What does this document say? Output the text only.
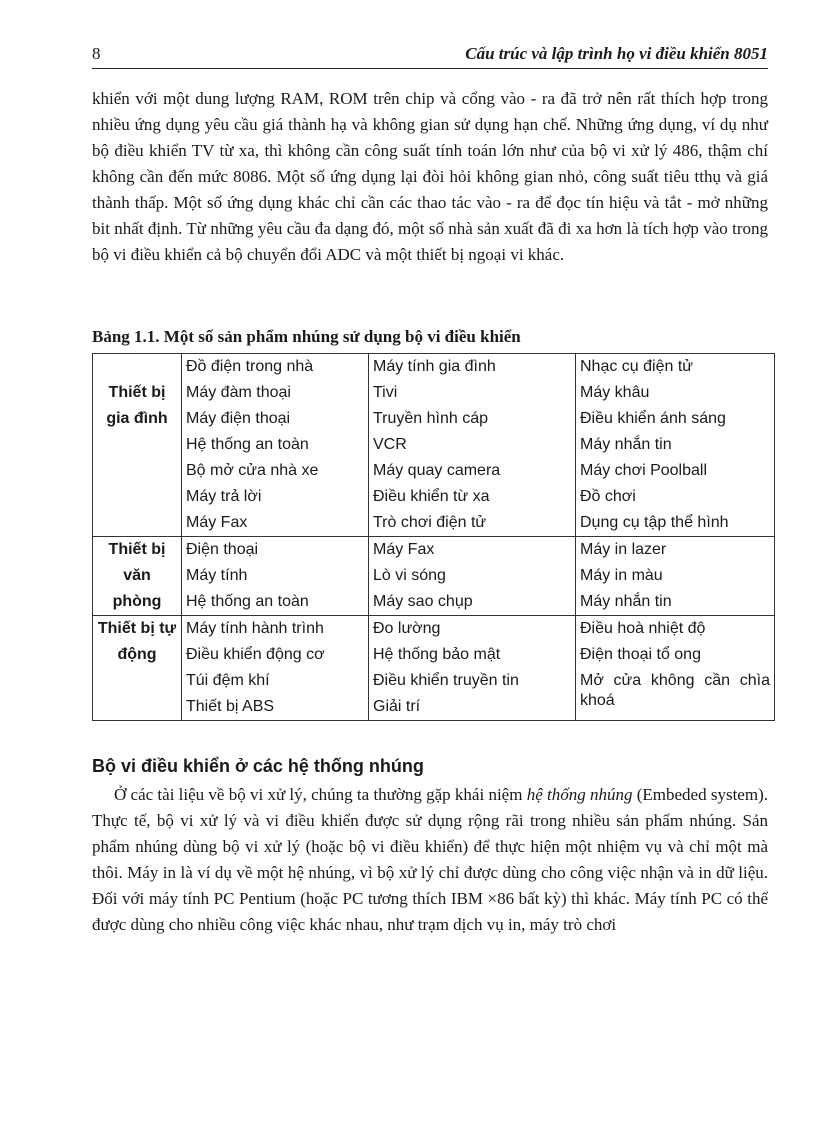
8	Cấu trúc và lập trình họ vi điều khiển 8051

khiển với một dung lượng RAM, ROM trên chip và cổng vào - ra đã trở nên rất thích hợp trong nhiều ứng dụng yêu cầu giá thành hạ và không gian sử dụng hạn chế. Những ứng dụng, ví dụ như bộ điều khiển TV từ xa, thì không cần công suất tính toán lớn như của bộ vi xử lý 486, thậm chí không cần đến mức 8086. Một số ứng dụng lại đòi hỏi không gian nhỏ, công suất tiêu tthụ và giá thành thấp. Một số ứng dụng khác chỉ cần các thao tác vào - ra để đọc tín hiệu và tắt - mở những bit nhất định. Từ những yêu cầu đa dạng đó, một số nhà sản xuất đã đi xa hơn là tích hợp vào trong bộ vi điều khiển cả bộ chuyển đổi ADC và một thiết bị ngoại vi khác.

Bảng 1.1. Một số sản phẩm nhúng sử dụng bộ vi điều khiển
Thiết bị gia đình	Đồ điện trong nhà	Máy tính gia đình	Nhạc cụ điện tử
	Máy đàm thoại	Tivi	Máy khâu
	Máy điện thoại	Truyền hình cáp	Điều khiển ánh sáng
	Hệ thống an toàn	VCR	Máy nhắn tin
	Bộ mở cửa nhà xe	Máy quay camera	Máy chơi Poolball
	Máy trả lời	Điều khiển từ xa	Đồ chơi
	Máy Fax	Trò chơi điện tử	Dụng cụ tập thể hình
Thiết bị văn phòng	Điện thoại	Máy Fax	Máy in lazer
	Máy tính	Lò vi sóng	Máy in màu
	Hệ thống an toàn	Máy sao chụp	Máy nhắn tin
Thiết bị tự động	Máy tính hành trình	Đo lường	Điều hoà nhiệt độ
	Điều khiển động cơ	Hệ thống bảo mật	Điện thoại tổ ong
	Túi đệm khí	Điều khiển truyền tin	Mở cửa không cần chìa khoá
	Thiết bị ABS	Giải trí	
Bộ vi điều khiển ở các hệ thống nhúng

Ở các tài liệu về bộ vi xử lý, chúng ta thường gặp khái niệm hệ thống nhúng (Embeded system). Thực tế, bộ vi xử lý và vi điều khiển được sử dụng rộng rãi trong nhiều sản phẩm nhúng. Sản phẩm nhúng dùng bộ vi xử lý (hoặc bộ vi điều khiển) để thực hiện một nhiệm vụ và chỉ một mà thôi. Máy in là ví dụ về một hệ nhúng, vì bộ xử lý chỉ được dùng cho công việc nhận và in dữ liệu. Đối với máy tính PC Pentium (hoặc PC tương thích IBM ×86 bất kỳ) thì khác. Máy tính PC có thể được dùng cho nhiều công việc khác nhau, như trạm dịch vụ in, máy trò chơi
